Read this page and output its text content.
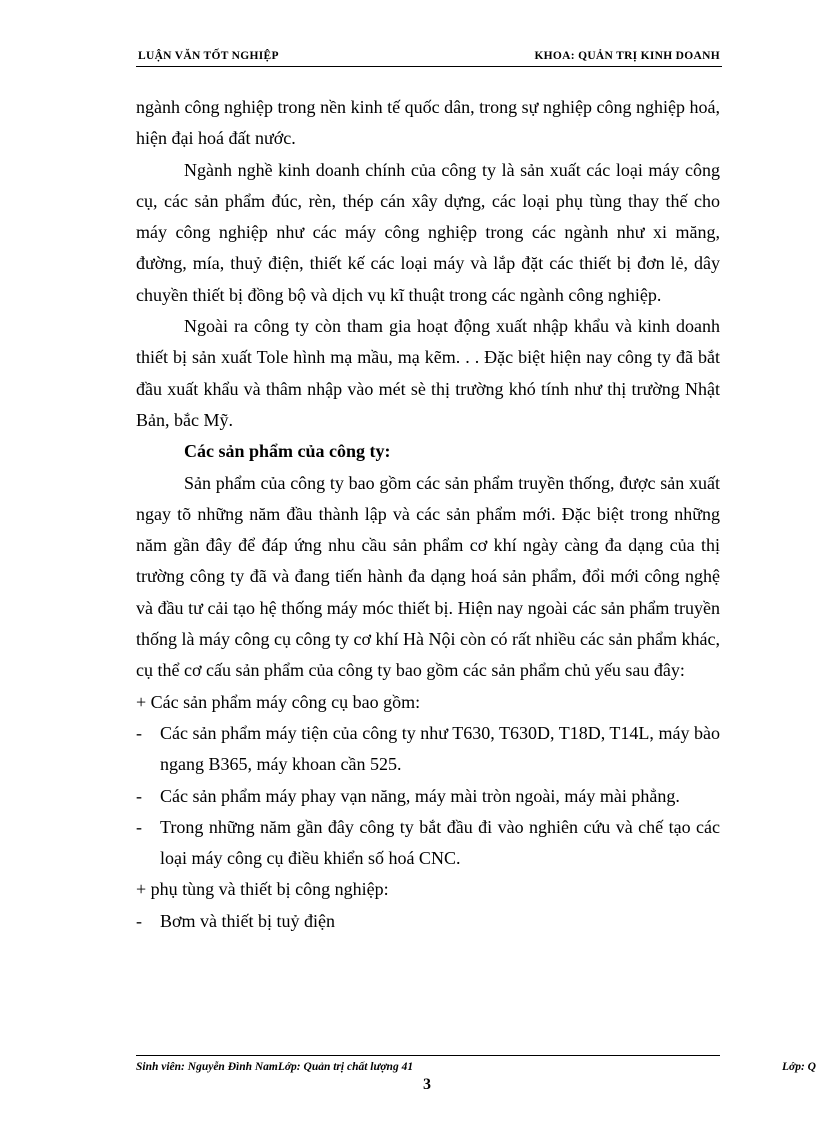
LUẬN VĂN TỐT NGHIỆP	KHOA: QUẢN TRỊ KINH DOANH

ngành công nghiệp trong nền kinh tế quốc dân, trong sự nghiệp công nghiệp hoá, hiện đại hoá đất nước.

Ngành nghề kinh doanh chính của công ty là sản xuất các loại máy công cụ, các sản phẩm đúc, rèn, thép cán xây dựng, các loại phụ tùng thay thế cho máy công nghiệp như các máy công nghiệp trong các ngành như xi măng, đường, mía, thuỷ điện, thiết kế các loại máy và lắp đặt các thiết bị đơn lẻ, dây chuyền thiết bị đồng bộ và dịch vụ kĩ thuật trong các ngành công nghiệp.

Ngoài ra công ty còn tham gia hoạt động xuất nhập khẩu và kinh doanh thiết bị sản xuất Tole hình mạ mầu, mạ kẽm. . . Đặc biệt hiện nay công ty đã bắt đầu xuất khẩu và thâm nhập vào mét sè thị trường khó tính như thị trường Nhật Bản, bắc Mỹ.

Các sản phẩm của công ty:

Sản phẩm của công ty bao gồm các sản phẩm truyền thống, được sản xuất ngay tõ những năm đầu thành lập và các sản phẩm mới. Đặc biệt trong những năm gần đây để đáp ứng nhu cầu sản phẩm cơ khí ngày càng đa dạng của thị trường công ty đã và đang tiến hành đa dạng hoá sản phẩm, đổi mới công nghệ và đầu tư cải tạo hệ thống máy móc thiết bị. Hiện nay ngoài các sản phẩm truyền thống là máy công cụ công ty cơ khí Hà Nội còn có rất nhiều các sản phẩm khác, cụ thể cơ cấu sản phẩm của công ty bao gồm các sản phẩm chủ yếu sau đây:

+ Các sản phẩm máy công cụ bao gồm:

- Các sản phẩm máy tiện của công ty như T630, T630D, T18D, T14L, máy bào ngang B365, máy khoan cần 525.
- Các sản phẩm máy phay vạn năng, máy mài tròn ngoài, máy mài phẳng.
- Trong những năm gần đây công ty bắt đầu đi vào nghiên cứu và chế tạo các loại máy công cụ điều khiển số hoá CNC.

+ phụ tùng và thiết bị công nghiệp:

- Bơm và thiết bị tuỷ điện
Sinh viên: Nguyễn Đình NamLớp: Quản trị chất lượng 41	Lớp: Q
3
